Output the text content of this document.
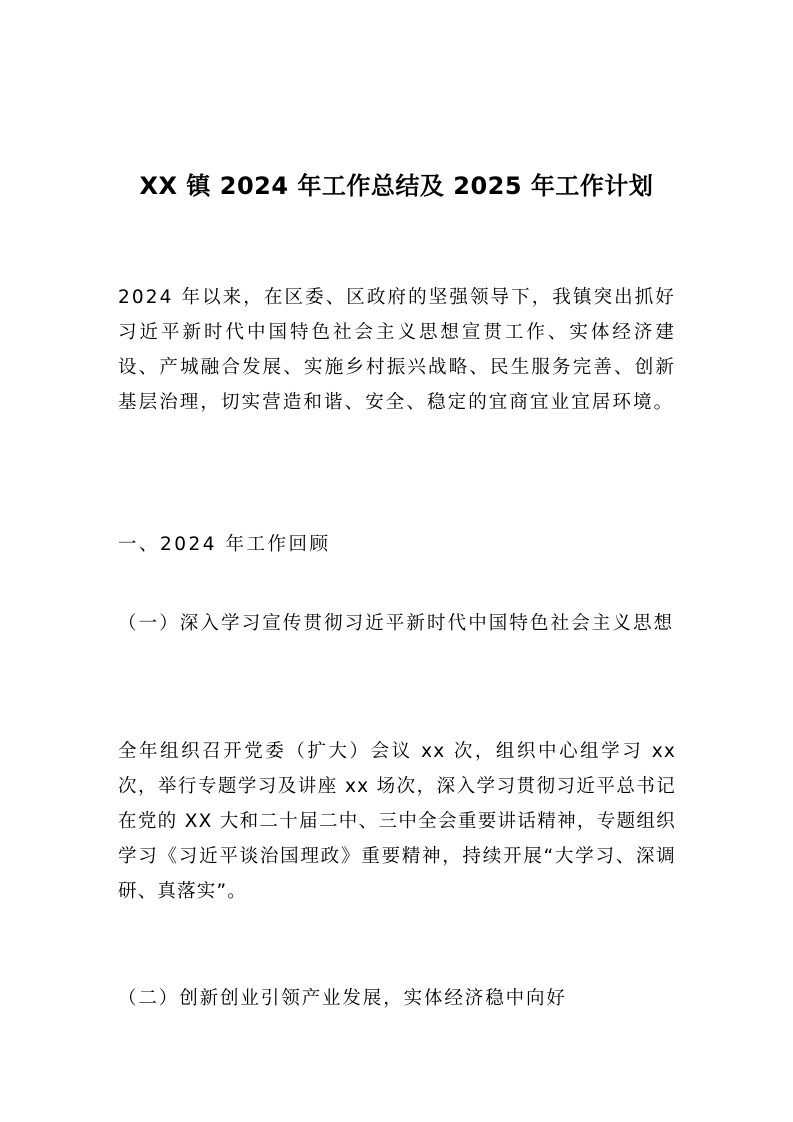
XX 镇 2024 年工作总结及 2025 年工作计划
2024 年以来，在区委、区政府的坚强领导下，我镇突出抓好习近平新时代中国特色社会主义思想宣贯工作、实体经济建设、产城融合发展、实施乡村振兴战略、民生服务完善、创新基层治理，切实营造和谐、安全、稳定的宜商宜业宜居环境。
一、2024 年工作回顾
（一）深入学习宣传贯彻习近平新时代中国特色社会主义思想
全年组织召开党委（扩大）会议 xx 次，组织中心组学习 xx 次，举行专题学习及讲座 xx 场次，深入学习贯彻习近平总书记在党的 XX 大和二十届二中、三中全会重要讲话精神，专题组织学习《习近平谈治国理政》重要精神，持续开展“大学习、深调研、真落实”。
（二）创新创业引领产业发展，实体经济稳中向好
